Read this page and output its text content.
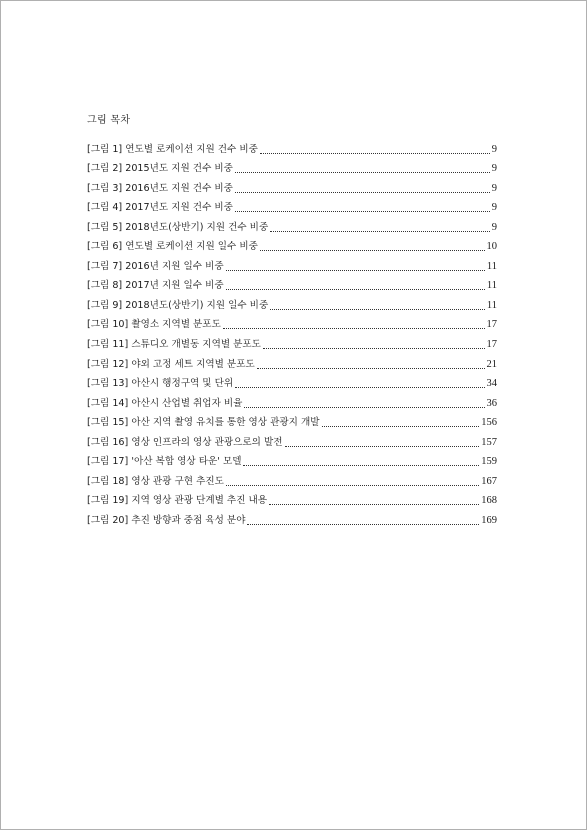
그림 목차
[그림 1] 연도별 로케이션 지원 건수 비중	9
[그림 2] 2015년도 지원 건수 비중	9
[그림 3] 2016년도 지원 건수 비중	9
[그림 4] 2017년도 지원 건수 비중	9
[그림 5] 2018년도(상반기) 지원 건수 비중	9
[그림 6] 연도별 로케이션 지원 일수 비중	10
[그림 7] 2016년 지원 일수 비중	11
[그림 8] 2017년 지원 일수 비중	11
[그림 9] 2018년도(상반기) 지원 일수 비중	11
[그림 10] 촬영소 지역별 분포도	17
[그림 11] 스튜디오 개별동 지역별 분포도	17
[그림 12] 야외 고정 세트 지역별 분포도	21
[그림 13] 아산시 행정구역 및 단위	34
[그림 14] 아산시 산업별 취업자 비율	36
[그림 15] 아산 지역 촬영 유치를 통한 영상 관광지 개발	156
[그림 16] 영상 인프라의 영상 관광으로의 발전	157
[그림 17] '아산 복합 영상 타운' 모델	159
[그림 18] 영상 관광 구현 추진도	167
[그림 19] 지역 영상 관광 단계별 추진 내용	168
[그림 20] 추진 방향과 중점 육성 분야	169
